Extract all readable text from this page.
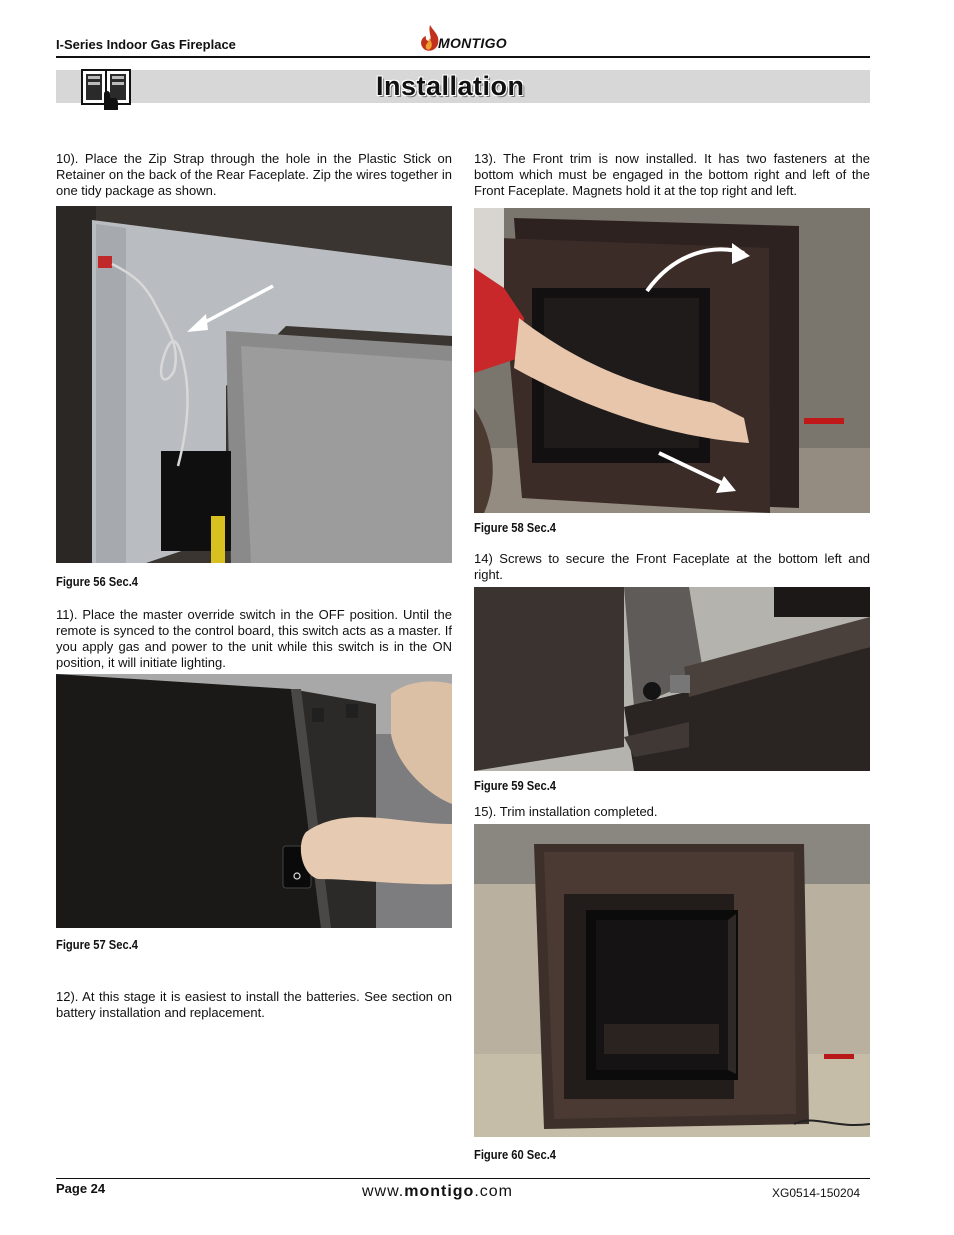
I-Series Indoor Gas Fireplace	MONTIGO
Installation
10). Place the Zip Strap through the hole in the Plastic Stick on Retainer on the back of the Rear Faceplate. Zip the wires together in one tidy package as shown.
Figure 56 Sec.4
11). Place the master override switch in the OFF position. Until the remote is synced to the control board, this switch acts as a master. If you apply gas and power to the unit while this switch is in the ON position, it will initiate lighting.
Figure 57 Sec.4
12). At this stage it is easiest to install the batteries. See section on battery installation and replacement.
13). The Front trim is now installed. It has two fasteners at the bottom which must be engaged in the bottom right and left of the Front Faceplate. Magnets hold it at the top right and left.
Figure 58 Sec.4
14) Screws to secure the Front Faceplate at the bottom left and right.
Figure 59 Sec.4
15). Trim installation completed.
Figure 60 Sec.4
Page 24	www.montigo.com	XG0514-150204
